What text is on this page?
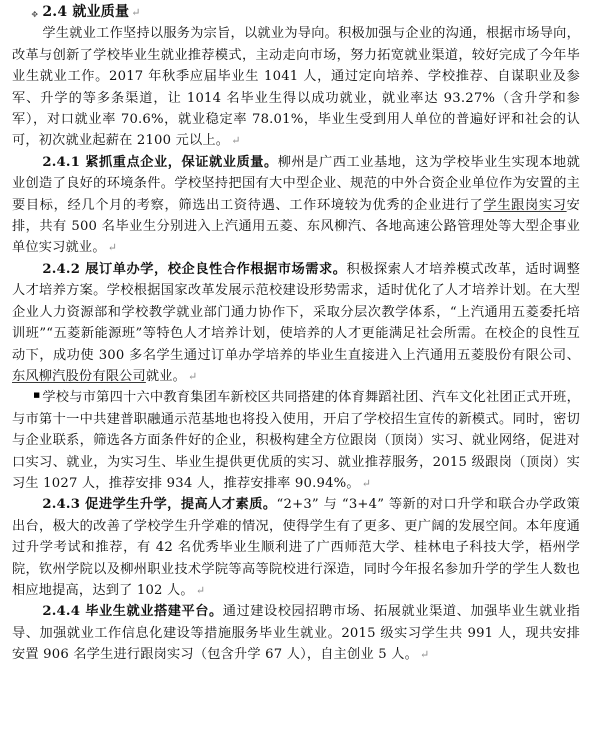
✥ 2.4 就业质量 ↵

学生就业工作坚持以服务为宗旨，以就业为导向。积极加强与企业的沟通，根据市场导向，改革与创新了学校毕业生就业推荐模式，主动走向市场，努力拓宽就业渠道，较好完成了今年毕业生就业工作。2017 年秋季应届毕业生 1041 人，通过定向培养、学校推荐、自谋职业及参军、升学的等多条渠道，让 1014 名毕业生得以成功就业，就业率达 93.27%（含升学和参军），对口就业率 70.6%，就业稳定率 78.01%，毕业生受到用人单位的普遍好评和社会的认可，初次就业起薪在 2100 元以上。 ↵

2.4.1 紧抓重点企业，保证就业质量。柳州是广西工业基地，这为学校毕业生实现本地就业创造了良好的环境条件。学校坚持把国有大中型企业、规范的中外合资企业单位作为安置的主要目标，经几个月的考察，筛选出工资待遇、工作环境较为优秀的企业进行了学生跟岗实习安排，共有 500 名毕业生分别进入上汽通用五菱、东风柳汽、各地高速公路管理处等大型企事业单位实习就业。 ↵

2.4.2 展订单办学，校企良性合作根据市场需求。积极探索人才培养模式改革，适时调整人才培养方案。学校根据国家改革发展示范校建设形势需求，适时优化了人才培养计划。在大型企业人力资源部和学校教学就业部门通力协作下，采取分层次教学体系，“上汽通用五菱委托培训班”“五菱新能源班”等特色人才培养计划，使培养的人才更能满足社会所需。在校企的良性互动下，成功使 300 多名学生通过订单办学培养的毕业生直接进入上汽通用五菱股份有限公司、东风柳汽股份有限公司就业。 ↵

■ 学校与市第四十六中教育集团车新校区共同搭建的体育舞蹈社团、汽车文化社团正式开班，与市第十一中共建普职融通示范基地也将投入使用，开启了学校招生宣传的新模式。同时，密切与企业联系，筛选各方面条件好的企业，积极构建全方位跟岗（顶岗）实习、就业网络，促进对口实习、就业，为实习生、毕业生提供更优质的实习、就业推荐服务，2015 级跟岗（顶岗）实习生 1027 人，推荐安排 934 人，推荐安排率 90.94%。 ↵

2.4.3 促进学生升学，提高人才素质。“2+3” 与 “3+4” 等新的对口升学和联合办学政策出台，极大的改善了学校学生升学难的情况，使得学生有了更多、更广阔的发展空间。本年度通过升学考试和推荐，有 42 名优秀毕业生顺利进了广西师范大学、桂林电子科技大学，梧州学院，钦州学院以及柳州职业技术学院等高等院校进行深造，同时今年报名参加升学的学生人数也相应地提高，达到了 102 人。 ↵

2.4.4 毕业生就业搭建平台。通过建设校园招聘市场、拓展就业渠道、加强毕业生就业指导、加强就业工作信息化建设等措施服务毕业生就业。2015 级实习学生共 991 人，现共安排安置 906 名学生进行跟岗实习（包含升学 67 人），自主创业 5 人。 ↵
